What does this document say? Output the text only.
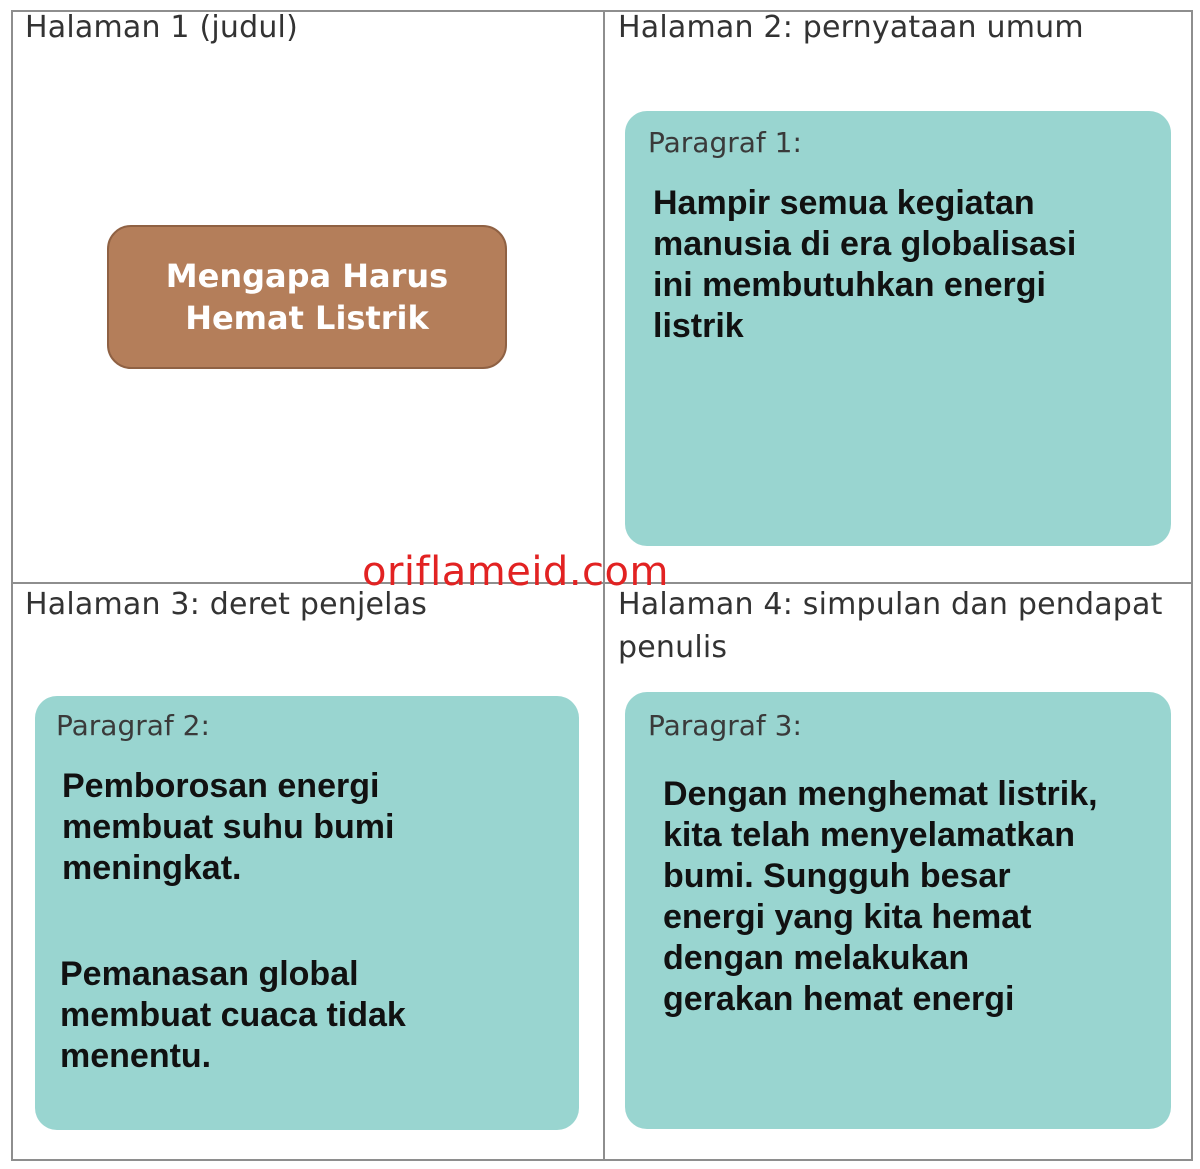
Halaman 1 (judul)
Mengapa Harus
Hemat Listrik
Halaman 2: pernyataan umum
Paragraf 1:
Hampir semua kegiatan
manusia di era globalisasi
ini membutuhkan energi
listrik
Halaman 3: deret penjelas
Paragraf 2:
Pemborosan energi
membuat suhu bumi
meningkat.
Pemanasan global
membuat cuaca tidak
menentu.
Halaman 4: simpulan dan pendapat
penulis
Paragraf 3:
Dengan menghemat listrik,
kita telah menyelamatkan
bumi. Sungguh besar
energi yang kita hemat
dengan melakukan
gerakan hemat energi
oriflameid.com
